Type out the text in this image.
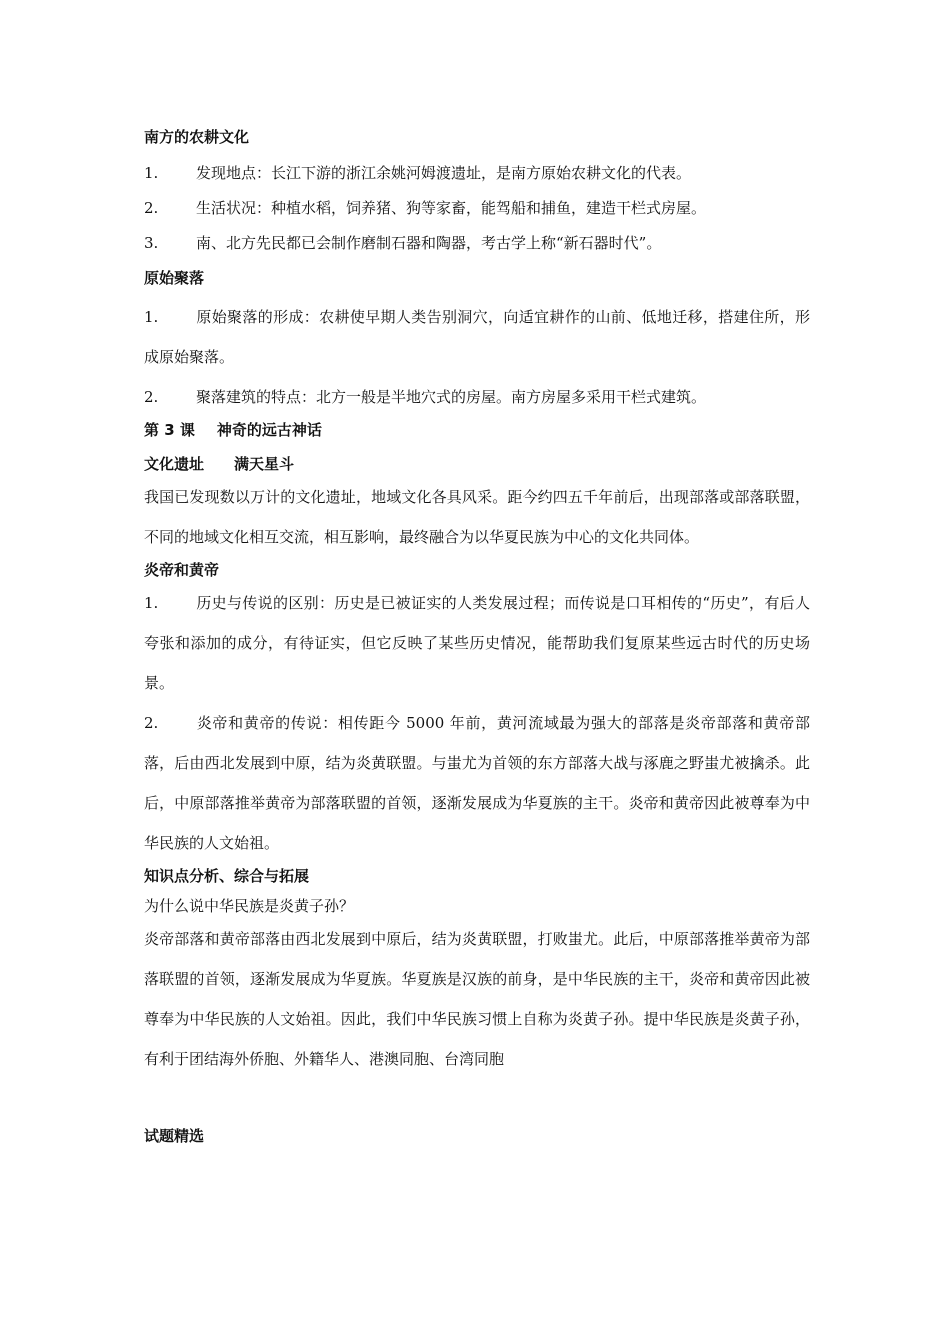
南方的农耕文化

1.	发现地点：长江下游的浙江余姚河姆渡遗址，是南方原始农耕文化的代表。

2.	生活状况：种植水稻，饲养猪、狗等家畜，能驾船和捕鱼，建造干栏式房屋。

3.	南、北方先民都已会制作磨制石器和陶器，考古学上称“新石器时代”。

原始聚落

1.	原始聚落的形成：农耕使早期人类告别洞穴，向适宜耕作的山前、低地迁移，搭建住所，形成原始聚落。

2.	聚落建筑的特点：北方一般是半地穴式的房屋。南方房屋多采用干栏式建筑。

第 3 课 神奇的远古神话

文化遗址　　满天星斗

我国已发现数以万计的文化遗址，地域文化各具风采。距今约四五千年前后，出现部落或部落联盟，不同的地域文化相互交流，相互影响，最终融合为以华夏民族为中心的文化共同体。

炎帝和黄帝

1.	历史与传说的区别：历史是已被证实的人类发展过程；而传说是口耳相传的“历史”，有后人夸张和添加的成分，有待证实，但它反映了某些历史情况，能帮助我们复原某些远古时代的历史场景。

2.	炎帝和黄帝的传说：相传距今 5000 年前，黄河流域最为强大的部落是炎帝部落和黄帝部落，后由西北发展到中原，结为炎黄联盟。与蚩尤为首领的东方部落大战与涿鹿之野蚩尤被擒杀。此后，中原部落推举黄帝为部落联盟的首领，逐渐发展成为华夏族的主干。炎帝和黄帝因此被尊奉为中华民族的人文始祖。

知识点分析、综合与拓展

为什么说中华民族是炎黄子孙？

炎帝部落和黄帝部落由西北发展到中原后，结为炎黄联盟，打败蚩尤。此后，中原部落推举黄帝为部落联盟的首领，逐渐发展成为华夏族。华夏族是汉族的前身，是中华民族的主干，炎帝和黄帝因此被尊奉为中华民族的人文始祖。因此，我们中华民族习惯上自称为炎黄子孙。提中华民族是炎黄子孙，有利于团结海外侨胞、外籍华人、港澳同胞、台湾同胞

试题精选
